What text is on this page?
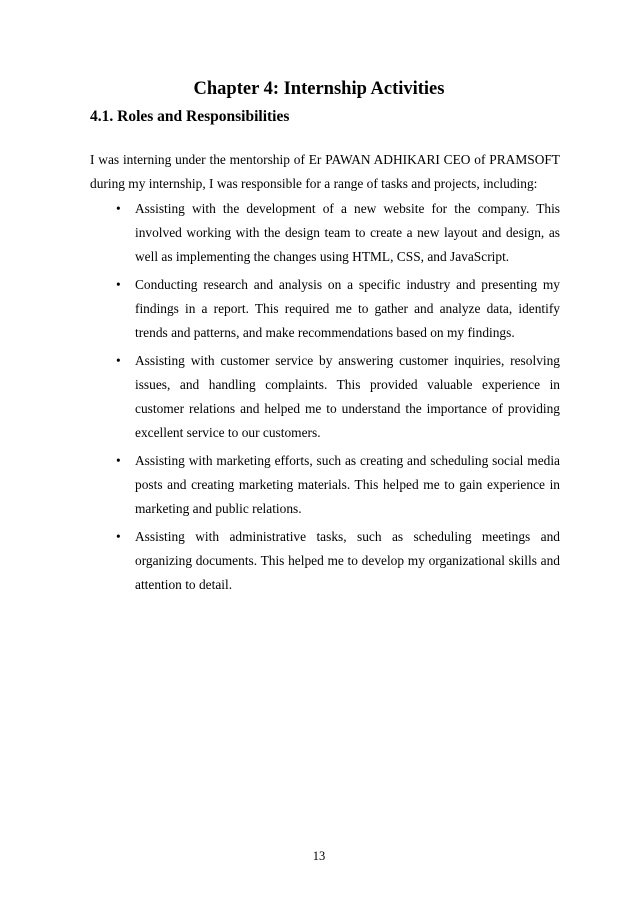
Chapter 4: Internship Activities
4.1. Roles and Responsibilities

I was interning under the mentorship of Er PAWAN ADHIKARI CEO of PRAMSOFT during my internship, I was responsible for a range of tasks and projects, including:

• Assisting with the development of a new website for the company. This involved working with the design team to create a new layout and design, as well as implementing the changes using HTML, CSS, and JavaScript.
• Conducting research and analysis on a specific industry and presenting my findings in a report. This required me to gather and analyze data, identify trends and patterns, and make recommendations based on my findings.
• Assisting with customer service by answering customer inquiries, resolving issues, and handling complaints. This provided valuable experience in customer relations and helped me to understand the importance of providing excellent service to our customers.
• Assisting with marketing efforts, such as creating and scheduling social media posts and creating marketing materials. This helped me to gain experience in marketing and public relations.
• Assisting with administrative tasks, such as scheduling meetings and organizing documents. This helped me to develop my organizational skills and attention to detail.
13
